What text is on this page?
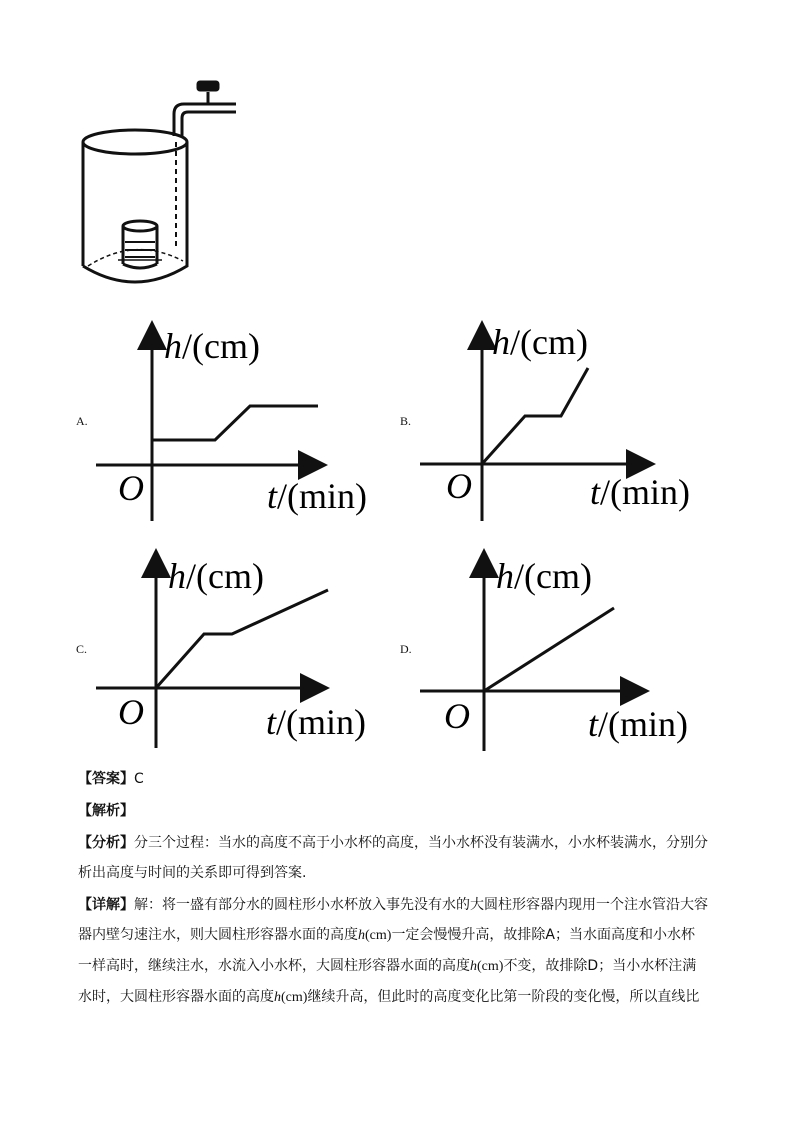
A.
h/(cm)
O	t/(min)
B.
h/(cm)
O	t/(min)
C.
h/(cm)
O	t/(min)
D.
h/(cm)
O	t/(min)
【答案】C
【解析】
【分析】分三个过程：当水的高度不高于小水杯的高度，当小水杯没有装满水，小水杯装满水，分别分
析出高度与时间的关系即可得到答案.
【详解】解：将一盛有部分水的圆柱形小水杯放入事先没有水的大圆柱形容器内现用一个注水管沿大容
器内壁匀速注水，则大圆柱形容器水面的高度h(cm)一定会慢慢升高，故排除A；当水面高度和小水杯
一样高时，继续注水，水流入小水杯，大圆柱形容器水面的高度h(cm)不变，故排除D；当小水杯注满
水时，大圆柱形容器水面的高度h(cm)继续升高，但此时的高度变化比第一阶段的变化慢，所以直线比
